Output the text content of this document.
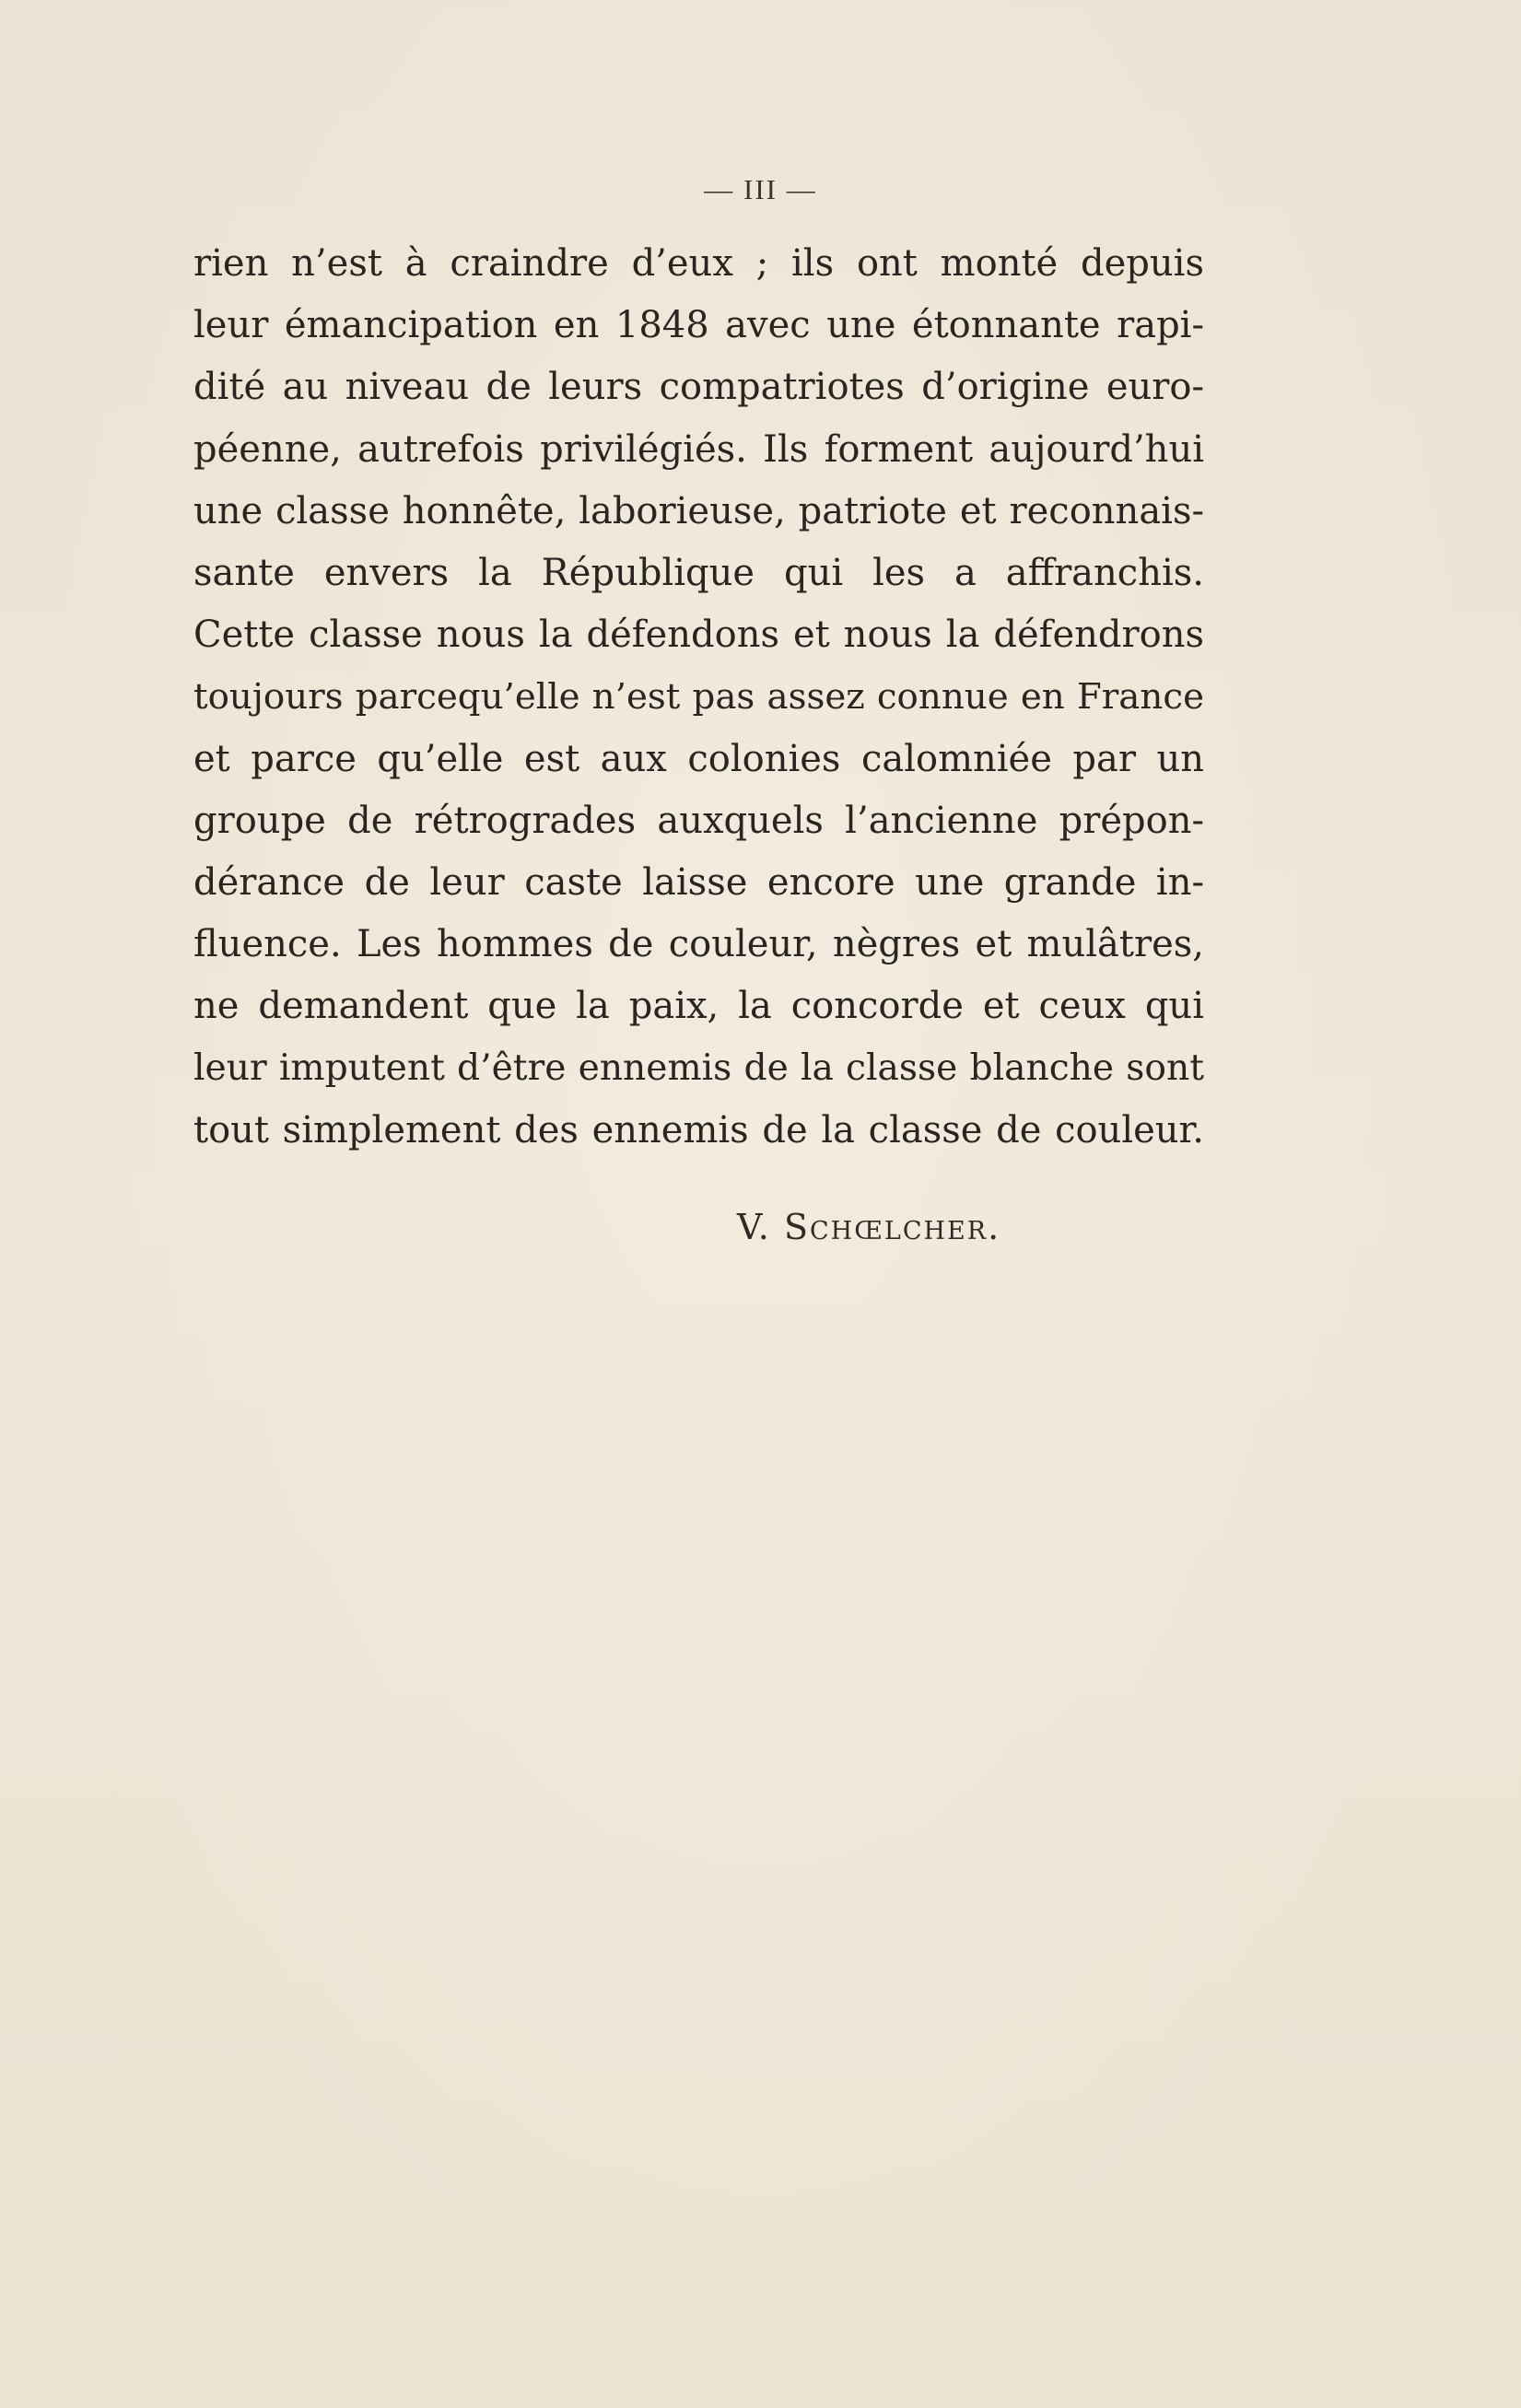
— III —
rien n’est à craindre d’eux ; ils ont monté depuis
leur émancipation en 1848 avec une étonnante rapi-
dité au niveau de leurs compatriotes d’origine euro-
péenne, autrefois privilégiés. Ils forment aujourd’hui
une classe honnête, laborieuse, patriote et reconnais-
sante envers la République qui les a affranchis.
Cette classe nous la défendons et nous la défendrons
toujours parcequ’elle n’est pas assez connue en France
et parce qu’elle est aux colonies calomniée par un
groupe de rétrogrades auxquels l’ancienne prépon-
dérance de leur caste laisse encore une grande in-
fluence. Les hommes de couleur, nègres et mulâtres,
ne demandent que la paix, la concorde et ceux qui
leur imputent d’être ennemis de la classe blanche sont
tout simplement des ennemis de la classe de couleur.
V. Schœlcher.
